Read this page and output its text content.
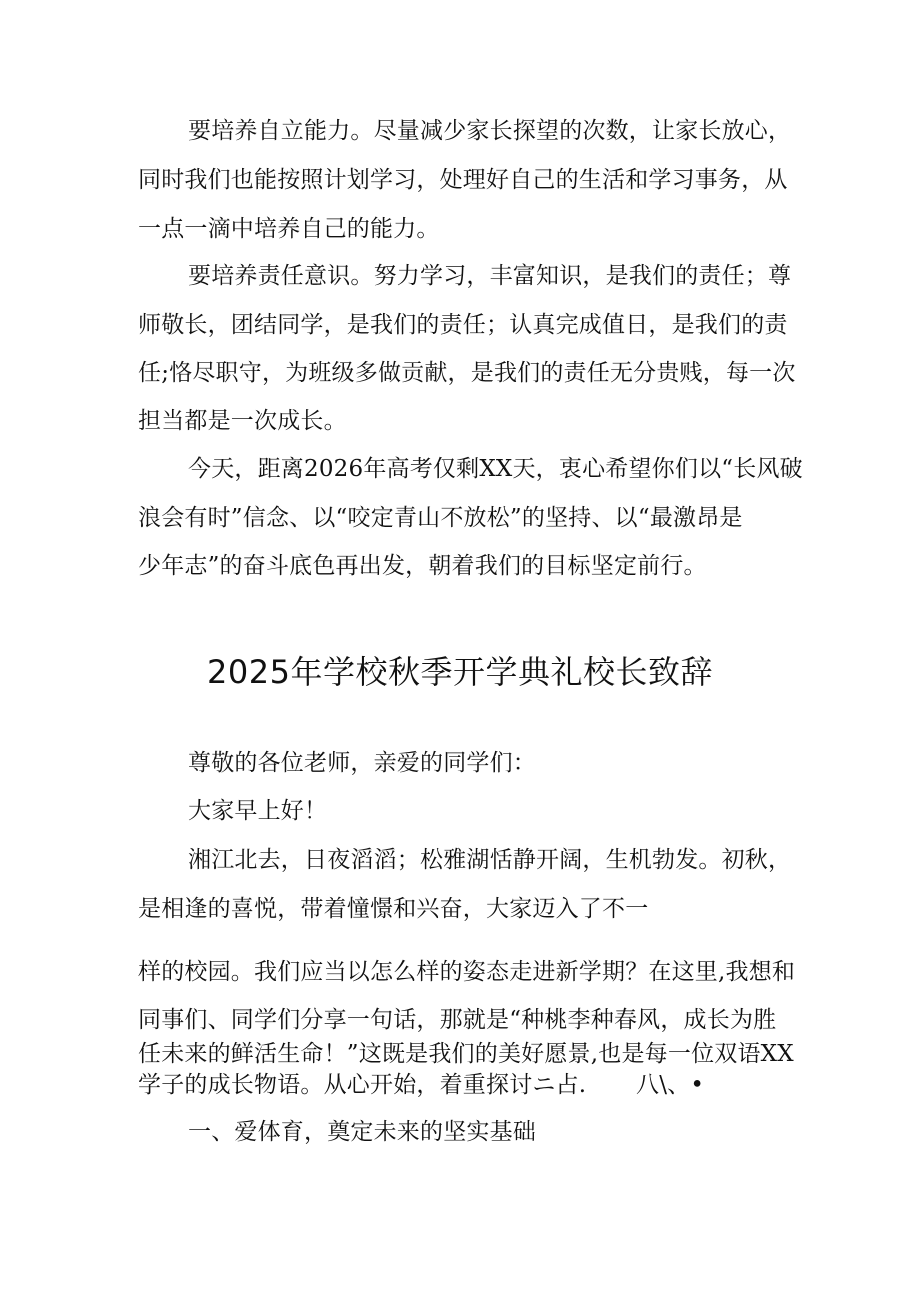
要培养自立能力。尽量减少家长探望的次数，让家长放心，
同时我们也能按照计划学习，处理好自己的生活和学习事务，从
一点一滴中培养自己的能力。
要培养责任意识。努力学习，丰富知识，是我们的责任；尊
师敬长，团结同学，是我们的责任；认真完成值日，是我们的责
任;恪尽职守，为班级多做贡献，是我们的责任无分贵贱，每一次
担当都是一次成长。
今天，距离2026年高考仅剩XX天，衷心希望你们以“长风破
浪会有时”信念、以“咬定青山不放松”的坚持、以“最激昂是
少年志”的奋斗底色再出发，朝着我们的目标坚定前行。
2025年学校秋季开学典礼校长致辞
尊敬的各位老师，亲爱的同学们：
大家早上好！
湘江北去，日夜滔滔；松雅湖恬静开阔，生机勃发。初秋，
是相逢的喜悦，带着憧憬和兴奋，大家迈入了不一
样的校园。我们应当以怎么样的姿态走进新学期？在这里,我想和
同事们、同学们分享一句话，那就是“种桃李种春风，成长为胜
任未来的鲜活生命！”这既是我们的美好愿景,也是每一位双语XX
学子的成长物语。从心开始，着重探讨ニ占. 八\、•
一、爱体育，奠定未来的坚实基础
